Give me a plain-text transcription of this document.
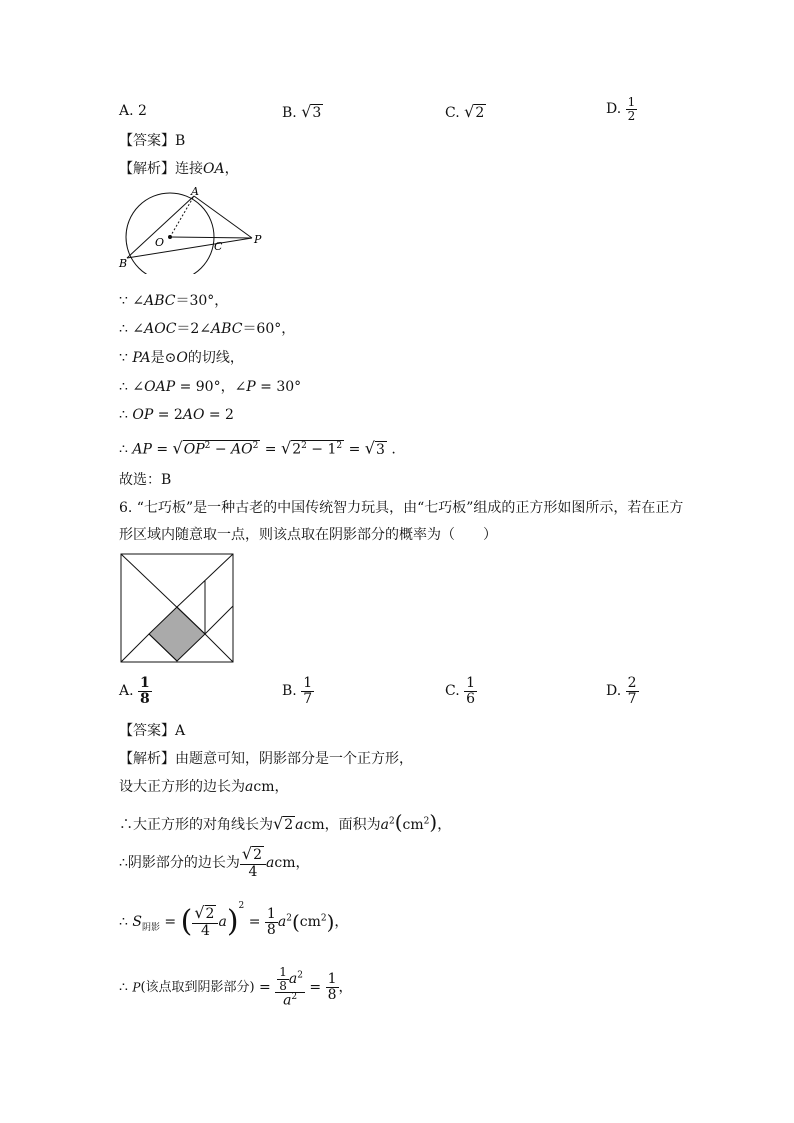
A. 2	B. √3	C. √2	D. $\frac{1}{2}$
【答案】B
【解析】连接OA，
A
B
O	C
P
∵ ∠ABC＝30°，
∴ ∠AOC＝2∠ABC＝60°，
∵ PA是⊙O的切线，
∴ ∠OAP = 90°，∠P = 30°
∴ OP = 2AO = 2
∴ AP = $√OP^2 - AO^2 = √2^2 - 1^2 = √3$ .
故选：B
6. “七巧板”是一种古老的中国传统智力玩具，由“七巧板”组成的正方形如图所示，若在正方
形区域内随意取一点，则该点取在阴影部分的概率为（　　）
A. $\frac{1}{8}$	B. $\frac{1}{7}$	C. $\frac{1}{6}$	D. $\frac{2}{7}$
【答案】A
【解析】由题意可知，阴影部分是一个正方形，
设大正方形的边长为acm，
∴大正方形的对角线长为√2 acm，面积为$a^2(cm^2)$，
∴阴影部分的边长为 $\frac{√2}{4}$ acm，
∴ $S_{阴影}$ = ( $\frac{√2}{4} a)^2 = \frac{1}{8} a^2(cm^2)$，
∴ P(该点取到阴影部分) = $\frac{\frac{1}{8} a^2}{a^2} = \frac{1}{8}$ ，
